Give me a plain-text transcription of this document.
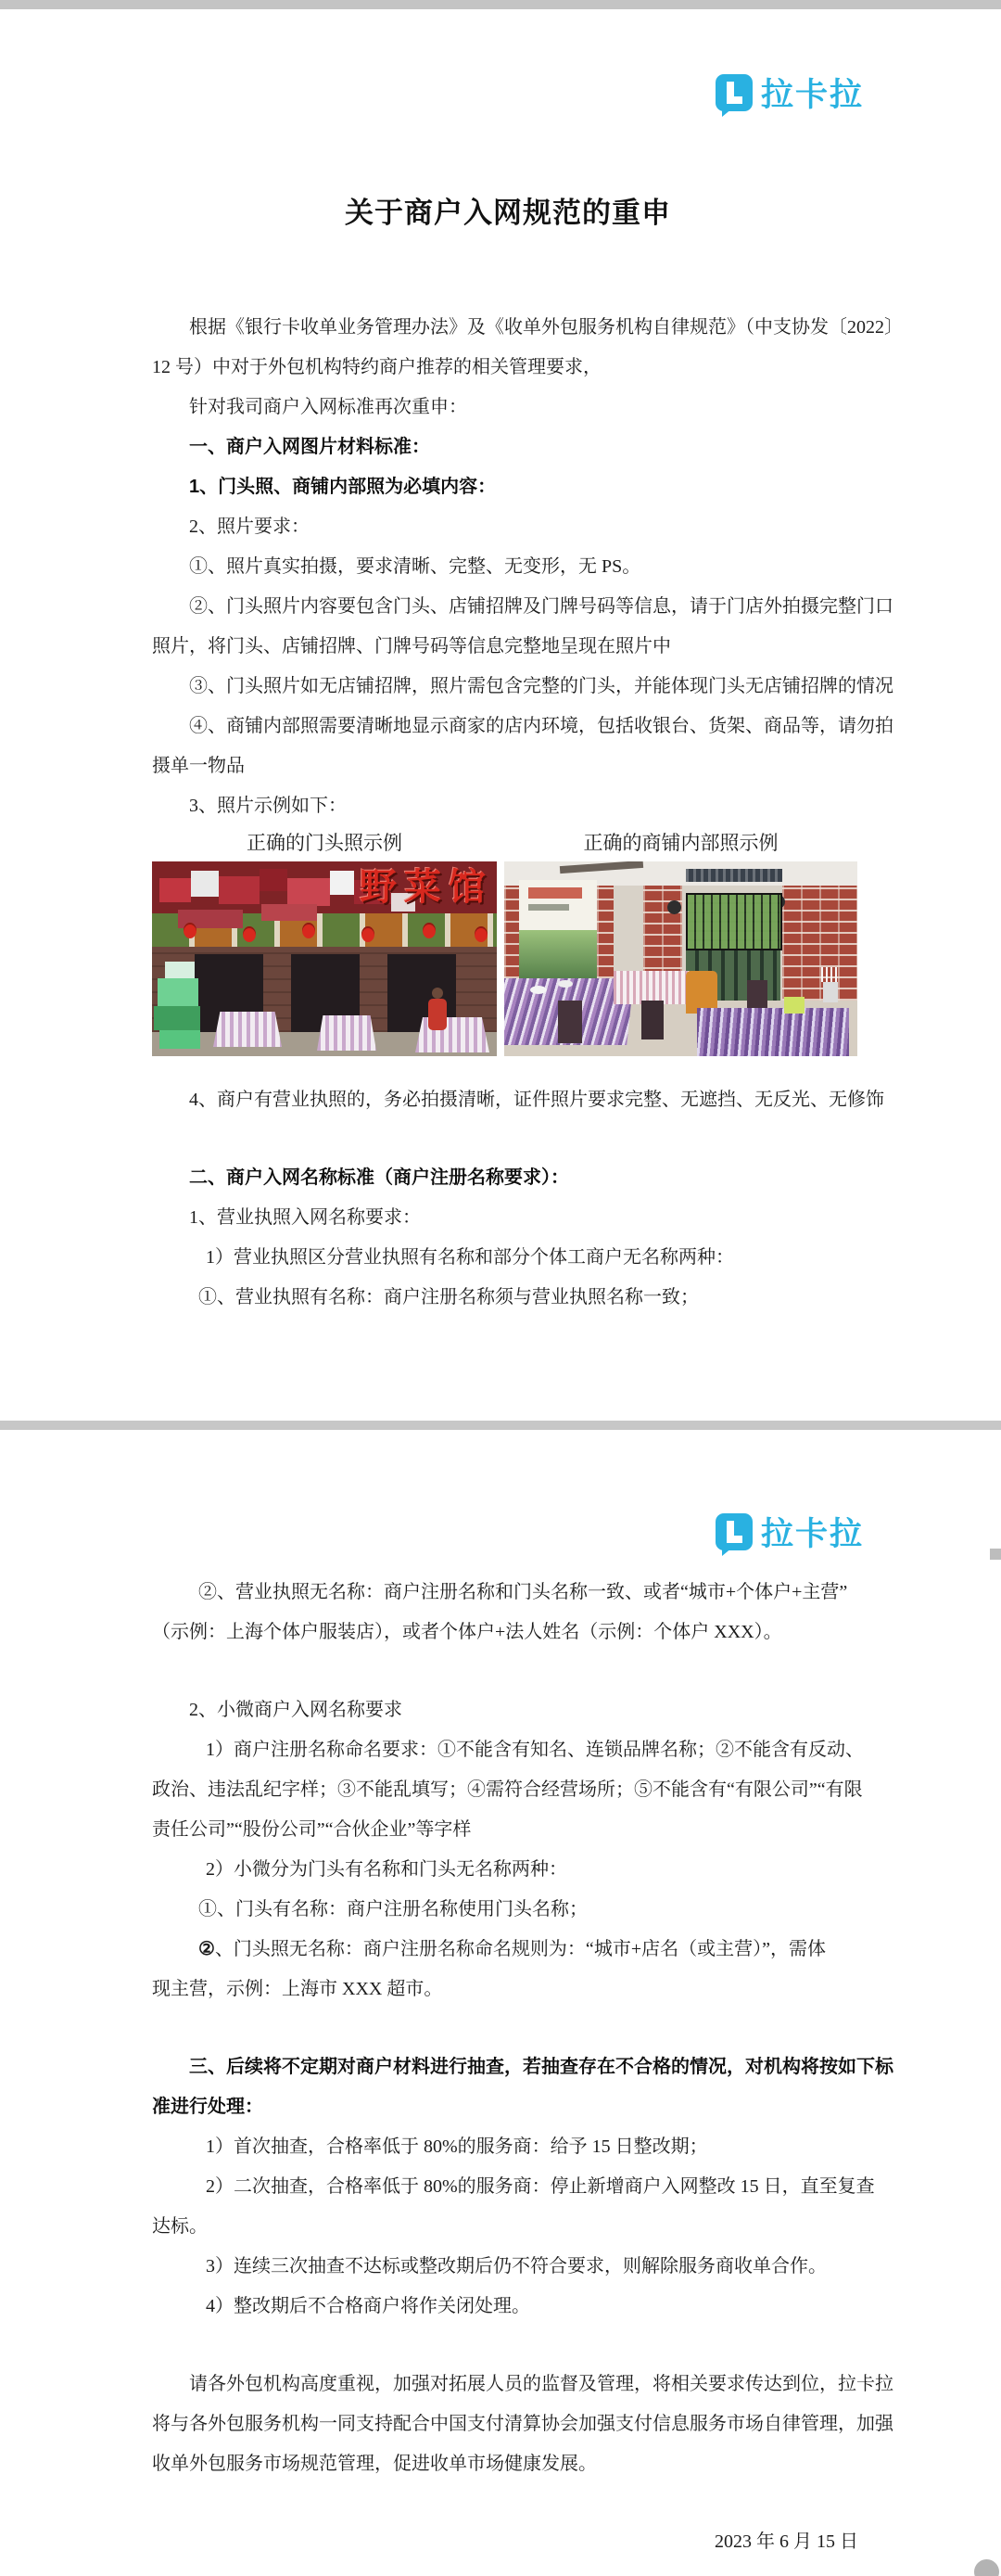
拉卡拉
关于商户入网规范的重申
根据《银行卡收单业务管理办法》及《收单外包服务机构自律规范》（中支协发〔2022〕
12 号）中对于外包机构特约商户推荐的相关管理要求，
针对我司商户入网标准再次重申：
一、商户入网图片材料标准：
1、门头照、商铺内部照为必填内容：
2、照片要求：
①、照片真实拍摄，要求清晰、完整、无变形，无 PS。
②、门头照片内容要包含门头、店铺招牌及门牌号码等信息，请于门店外拍摄完整门口
照片，将门头、店铺招牌、门牌号码等信息完整地呈现在照片中
③、门头照片如无店铺招牌，照片需包含完整的门头，并能体现门头无店铺招牌的情况
④、商铺内部照需要清晰地显示商家的店内环境，包括收银台、货架、商品等，请勿拍
摄单一物品
3、照片示例如下：
正确的门头照示例	正确的商铺内部照示例
野菜馆
4、商户有营业执照的，务必拍摄清晰，证件照片要求完整、无遮挡、无反光、无修饰
二、商户入网名称标准（商户注册名称要求）：
1、营业执照入网名称要求：
1）营业执照区分营业执照有名称和部分个体工商户无名称两种：
①、营业执照有名称：商户注册名称须与营业执照名称一致；
拉卡拉
②、营业执照无名称：商户注册名称和门头名称一致、或者“城市+个体户+主营”
（示例：上海个体户服装店），或者个体户+法人姓名（示例：个体户 XXX）。
2、小微商户入网名称要求
1）商户注册名称命名要求：①不能含有知名、连锁品牌名称；②不能含有反动、
政治、违法乱纪字样；③不能乱填写；④需符合经营场所；⑤不能含有“有限公司”“有限
责任公司”“股份公司”“合伙企业”等字样
2）小微分为门头有名称和门头无名称两种：
①、门头有名称：商户注册名称使用门头名称；
②、门头照无名称：商户注册名称命名规则为：“城市+店名（或主营）”，需体
现主营，示例：上海市 XXX 超市。
三、后续将不定期对商户材料进行抽查，若抽查存在不合格的情况，对机构将按如下标
准进行处理：
1）首次抽查，合格率低于 80%的服务商：给予 15 日整改期；
2）二次抽查，合格率低于 80%的服务商：停止新增商户入网整改 15 日，直至复查
达标。
3）连续三次抽查不达标或整改期后仍不符合要求，则解除服务商收单合作。
4）整改期后不合格商户将作关闭处理。
请各外包机构高度重视，加强对拓展人员的监督及管理，将相关要求传达到位，拉卡拉
将与各外包服务机构一同支持配合中国支付清算协会加强支付信息服务市场自律管理，加强
收单外包服务市场规范管理，促进收单市场健康发展。
2023 年 6 月 15 日
